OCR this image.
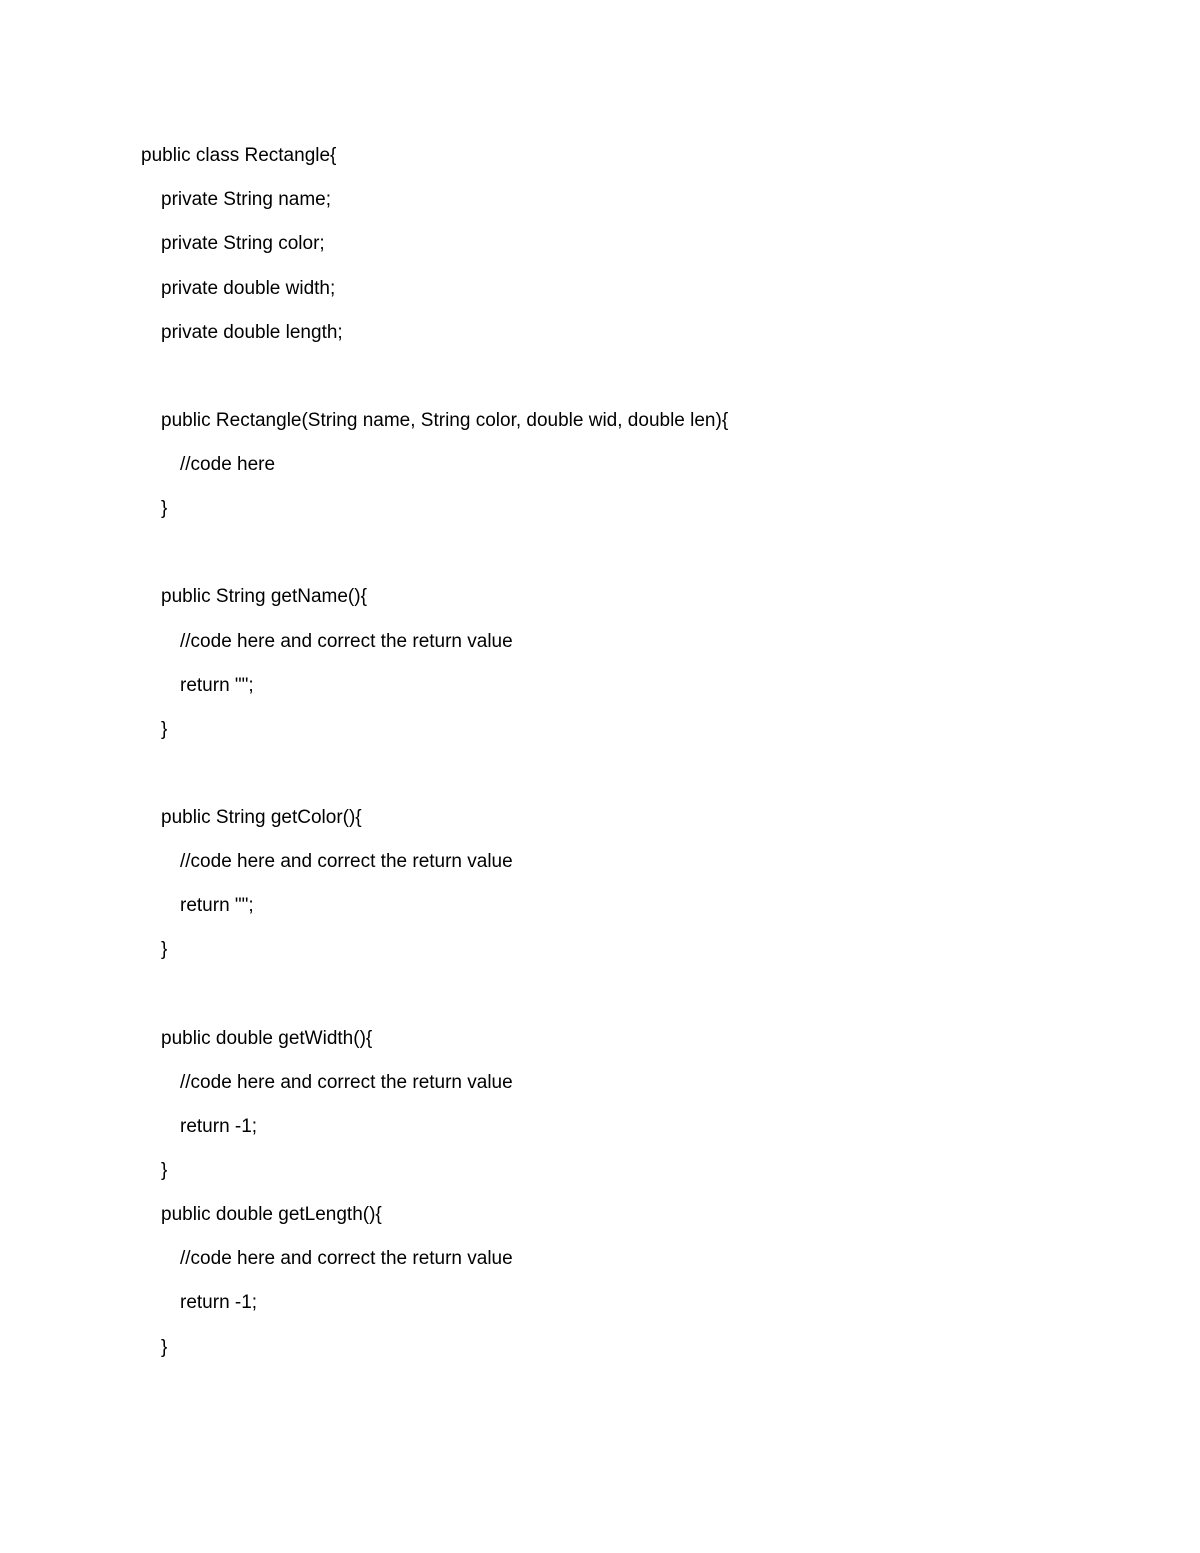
public class Rectangle{
private String name;
private String color;
private double width;
private double length;
public Rectangle(String name, String color, double wid, double len){
//code here
}
public String getName(){
//code here and correct the return value
return "";
}
public String getColor(){
//code here and correct the return value
return "";
}
public double getWidth(){
//code here and correct the return value
return -1;
}
public double getLength(){
//code here and correct the return value
return -1;
}
